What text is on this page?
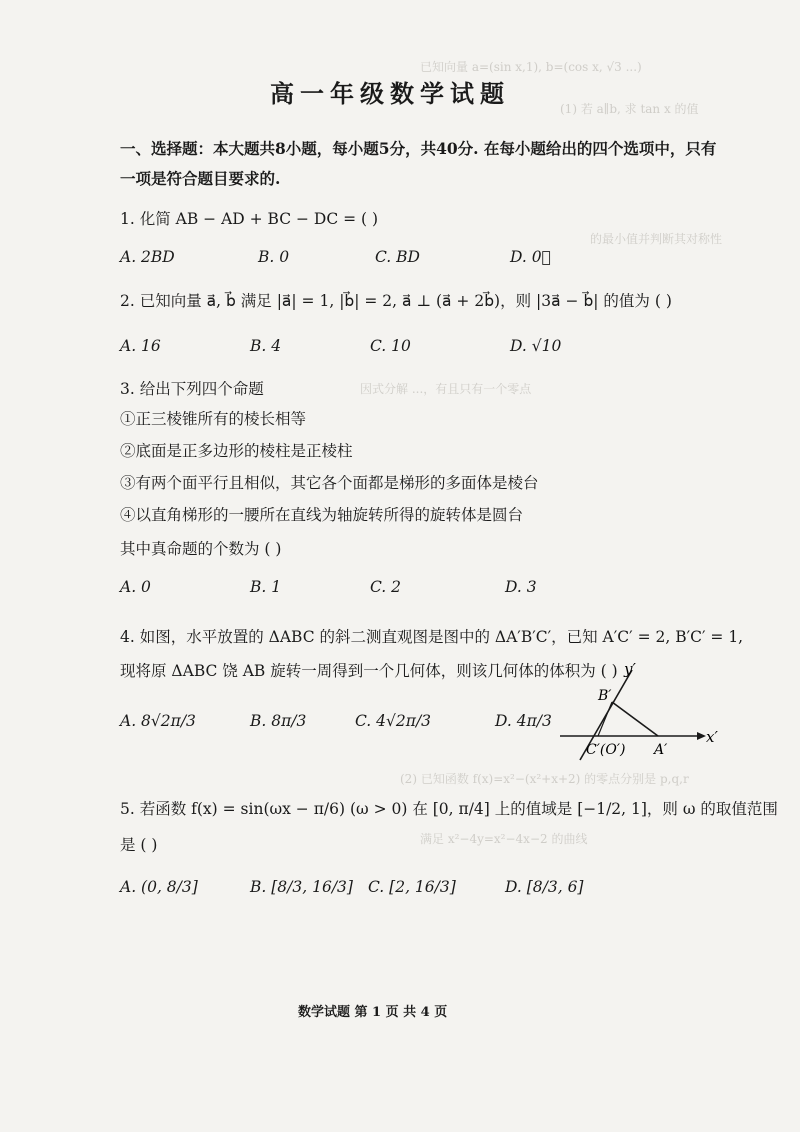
已知向量 a=(sin x,1), b=(cos x, √3 ...)
(1) 若 a∥b, 求 tan x 的值
的最小值并判断其对称性
因式分解 ...，有且只有一个零点
(2) 已知函数 f(x)=x²−(x²+x+2) 的零点分别是 p,q,r
满足 x²−4y=x²−4x−2 的曲线
高一年级数学试题
一、选择题：本大题共8小题，每小题5分，共40分. 在每小题给出的四个选项中，只有
一项是符合题目要求的.
1. 化简 AB − AD + BC − DC = ( )
A. 2BD	B. 0	C. BD	D. 0⃗
2. 已知向量 a⃗, b⃗ 满足 |a⃗| = 1, |b⃗| = 2, a⃗ ⊥ (a⃗ + 2b⃗)，则 |3a⃗ − b⃗| 的值为 ( )
A. 16	B. 4	C. 10	D. √10
3. 给出下列四个命题
①正三棱锥所有的棱长相等
②底面是正多边形的棱柱是正棱柱
③有两个面平行且相似，其它各个面都是梯形的多面体是棱台
④以直角梯形的一腰所在直线为轴旋转所得的旋转体是圆台
其中真命题的个数为 ( )
A. 0	B. 1	C. 2	D. 3
4. 如图，水平放置的 ΔABC 的斜二测直观图是图中的 ΔA′B′C′，已知 A′C′ = 2, B′C′ = 1,
现将原 ΔABC 饶 AB 旋转一周得到一个几何体，则该几何体的体积为 ( )
A. 8√2π/3	B. 8π/3	C. 4√2π/3	D. 4π/3
y′
x′
B′
C′(O′) A′
5. 若函数 f(x) = sin(ωx − π/6) (ω > 0) 在 [0, π/4] 上的值域是 [−1/2, 1]，则 ω 的取值范围
是 ( )
A. (0, 8/3]	B. [8/3, 16/3] C. [2, 16/3]	D. [8/3, 6]
数学试题 第 1 页 共 4 页
